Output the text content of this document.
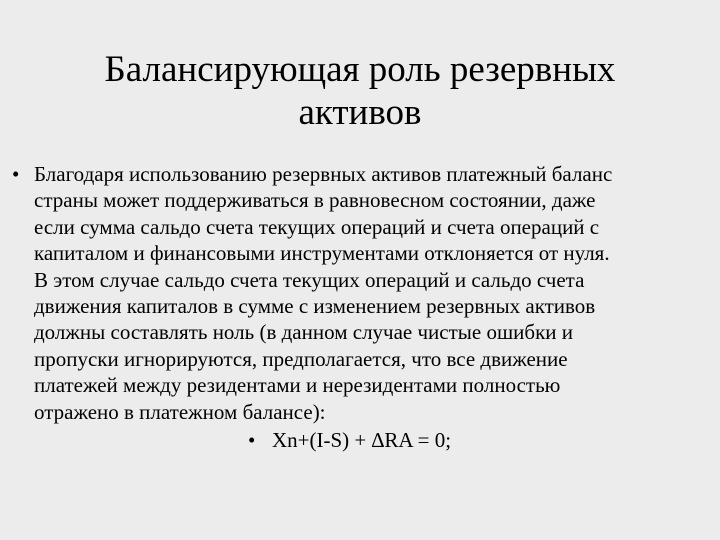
Балансирующая роль резервных
активов
• Благодаря использованию резервных активов платежный баланс
страны может поддерживаться в равновесном состоянии, даже
если сумма сальдо счета текущих операций и счета операций с
капиталом и финансовыми инструментами отклоняется от нуля.
В этом случае сальдо счета текущих операций и сальдо счета
движения капиталов в сумме с изменением резервных активов
должны составлять ноль (в данном случае чистые ошибки и
пропуски игнорируются, предполагается, что все движение
платежей между резидентами и нерезидентами полностью
отражено в платежном балансе):
• Xn+(I-S) + ∆RA = 0;
